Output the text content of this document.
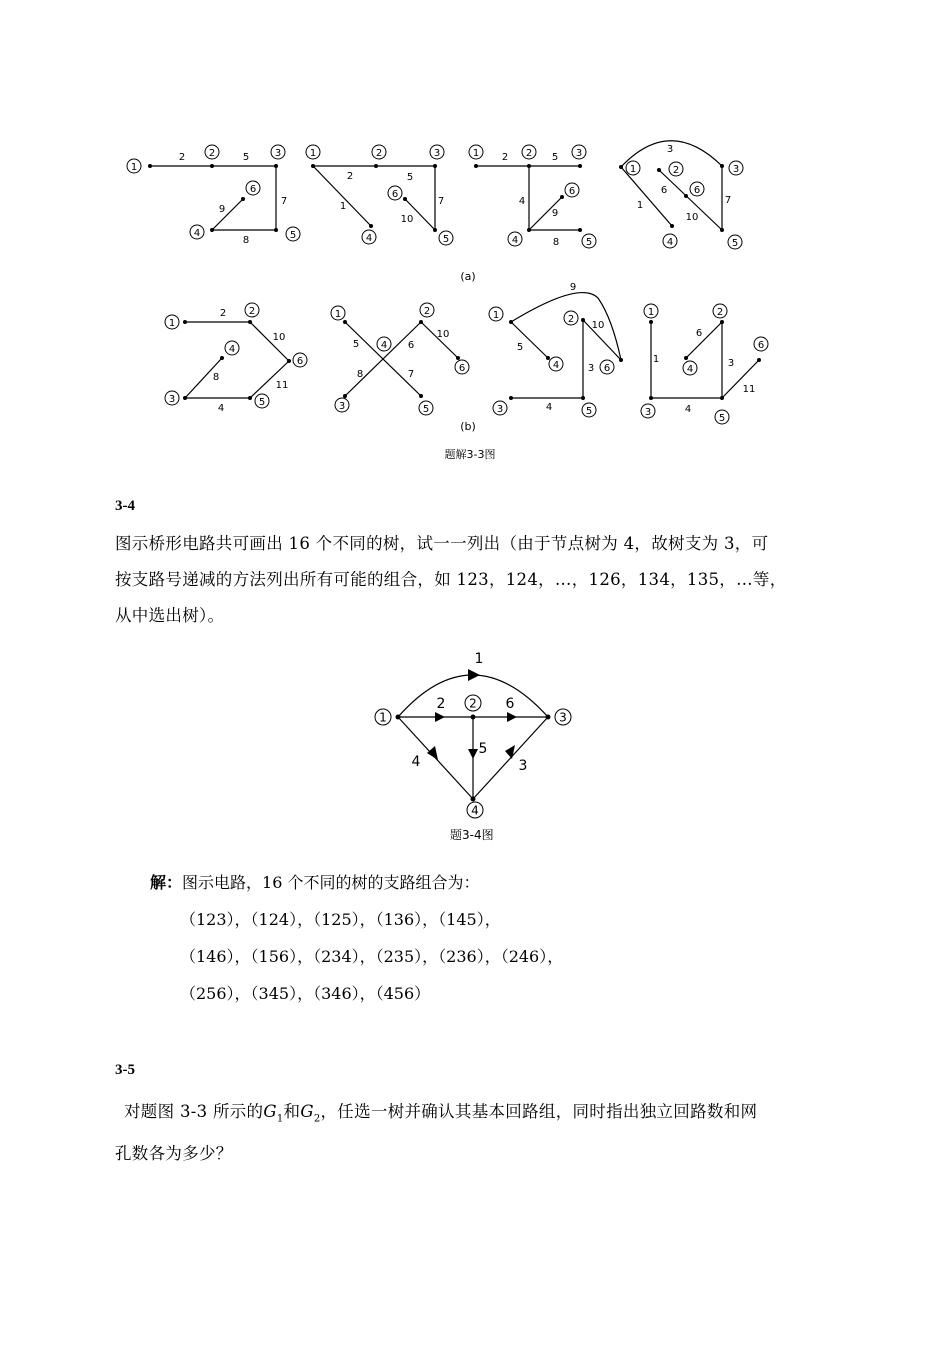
1
2	3
4	5
6
2	5
7
8
9
1	2	3
4	5
6
2	5
1	7
10
1	2	3
4	5
6
2	5
4
9
8
1	2	3
4	5
6
3
6
1	7
10
(a)
1
2
6
3	5
4
2
10
8
11
4
1	2
4
6
3	5
5	6
10
8	7
1	2
4	6
3	5
9
10
5
3
4
1	2
4
6
3
5
1
6
3
11
4
(b)
题解3-3图
3-4
图示桥形电路共可画出 16 个不同的树，试一一列出（由于节点树为 4，故树支为 3，可
按支路号递减的方法列出所有可能的组合，如 123，124，…，126，134，135，…等，
从中选出树）。
1
2
3
4
1
2	6
5
4	3
题3-4图
解：图示电路，16 个不同的树的支路组合为：
（123），（124），（125），（136），（145），
（146），（156），（234），（235），（236），（246），
（256），（345），（346），（456）
3-5
对题图 3-3 所示的$G_1$和$G_2$，任选一树并确认其基本回路组，同时指出独立回路数和网
孔数各为多少？
